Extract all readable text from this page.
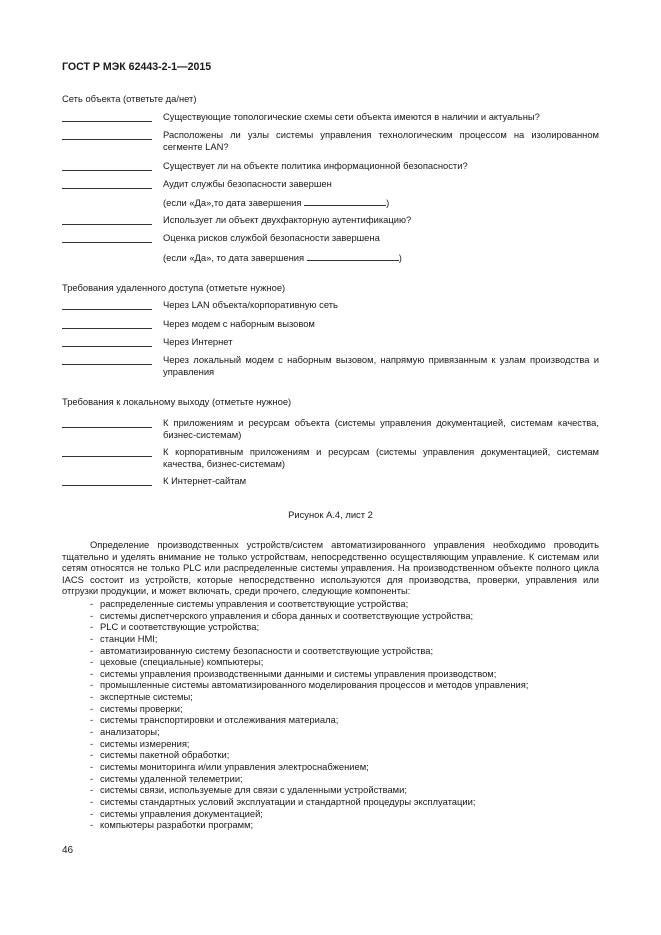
ГОСТ Р МЭК 62443-2-1—2015
Сеть объекта (ответьте да/нет)
Существующие топологические схемы сети объекта имеются в наличии и актуальны?
Расположены ли узлы системы управления технологическим процессом на изолированном сегменте LAN?
Существует ли на объекте политика информационной безопасности?
Аудит службы безопасности завершен
(если «Да»,то дата завершения	)
Использует ли объект двухфакторную аутентификацию?
Оценка рисков службой безопасности завершена
(если «Да», то дата завершения	)
Требования удаленного доступа (отметьте нужное)
Через LAN объекта/корпоративную сеть
Через модем с наборным вызовом
Через Интернет
Через локальный модем с наборным вызовом, напрямую привязанным к узлам производства и управления
Требования к локальному выходу (отметьте нужное)
К приложениям и ресурсам объекта (системы управления документацией, системам качества, бизнес-системам)
К корпоративным приложениям и ресурсам (системы управления документацией, системам качества, бизнес-системам)
К Интернет-сайтам
Рисунок А.4, лист 2
Определение производственных устройств/систем автоматизированного управления необходимо проводить тщательно и уделять внимание не только устройствам, непосредственно осуществляющим управление. К системам или сетям относятся не только PLC или распределенные системы управления. На производственном объекте полного цикла IACS состоит из устройств, которые непосредственно используются для производства, проверки, управления или отгрузки продукции, и может включать, среди прочего, следующие компоненты:
- распределенные системы управления и соответствующие устройства;
- системы диспетчерского управления и сбора данных и соответствующие устройства;
- PLC и соответствующие устройства;
- станции HMI;
- автоматизированную систему безопасности и соответствующие устройства;
- цеховые (специальные) компьютеры;
- системы управления производственными данными и системы управления производством;
- промышленные системы автоматизированного моделирования процессов и методов управления;
- экспертные системы;
- системы проверки;
- системы транспортировки и отслеживания материала;
- анализаторы;
- системы измерения;
- системы пакетной обработки;
- системы мониторинга и/или управления электроснабжением;
- системы удаленной телеметрии;
- системы связи, используемые для связи с удаленными устройствами;
- системы стандартных условий эксплуатации и стандартной процедуры эксплуатации;
- системы управления документацией;
- компьютеры разработки программ;
46
